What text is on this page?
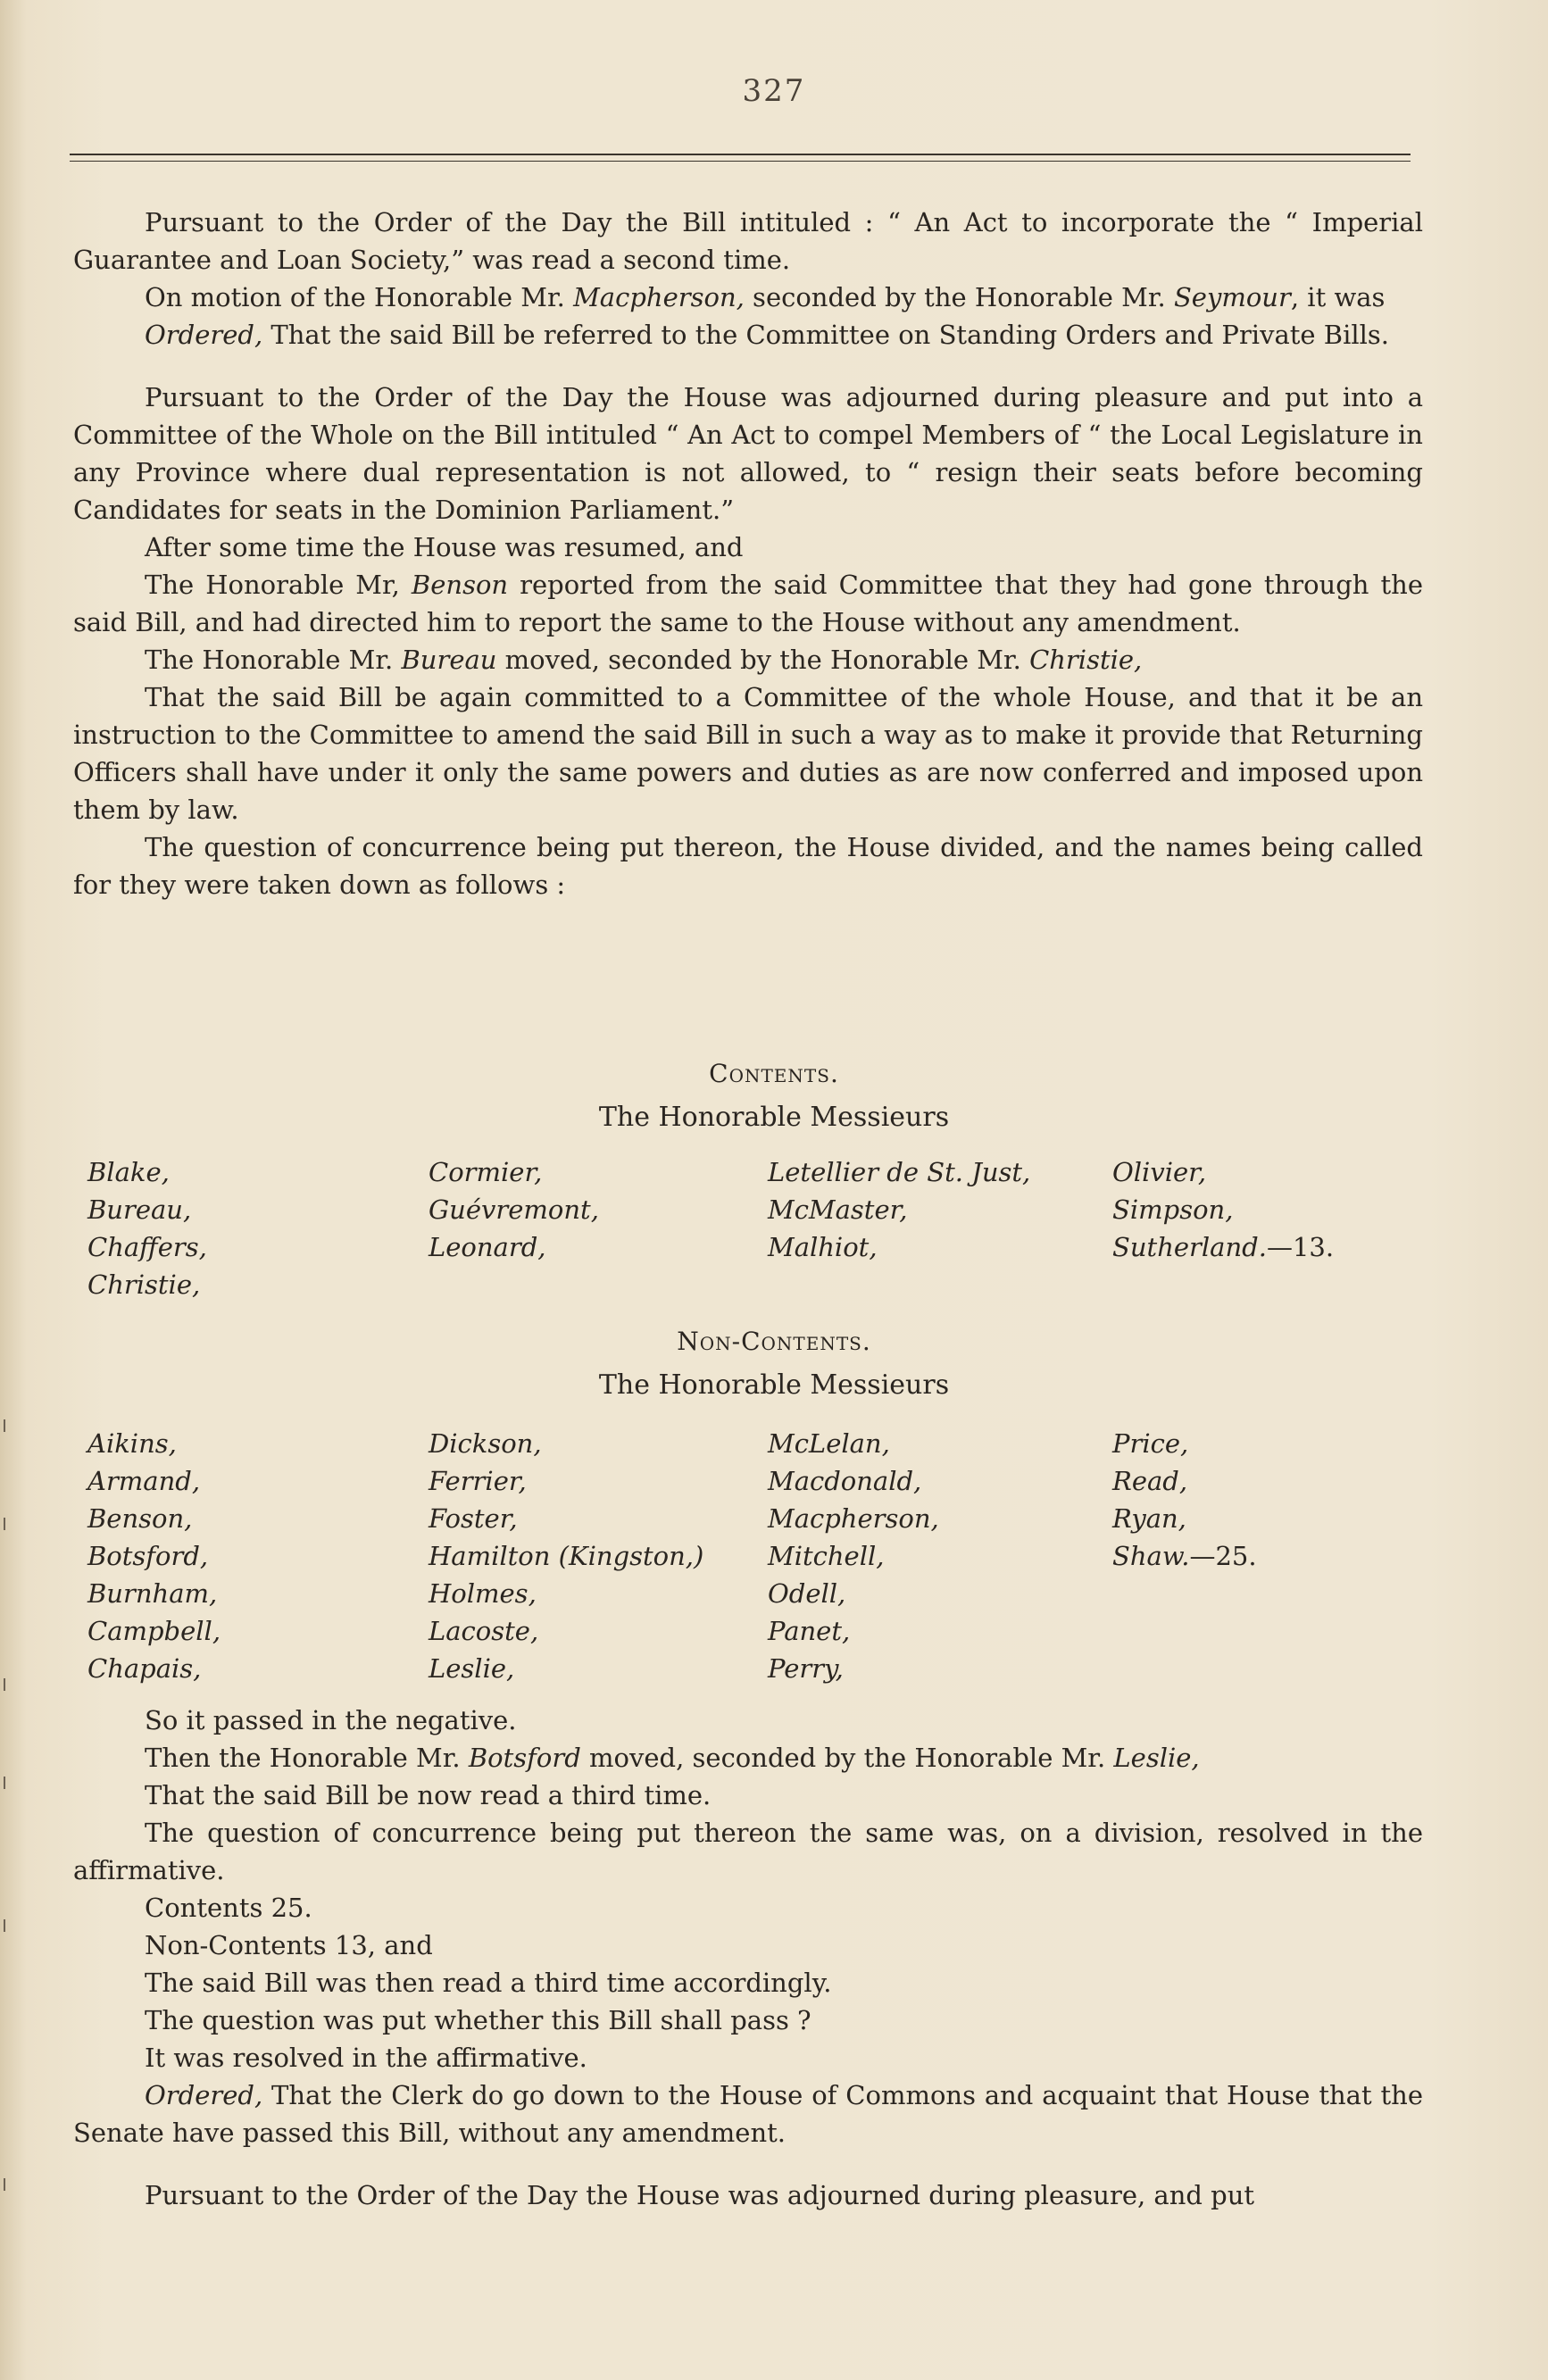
327

Pursuant to the Order of the Day the Bill intituled : “ An Act to incorporate the “ Imperial Guarantee and Loan Society,” was read a second time.

On motion of the Honorable Mr. Macpherson, seconded by the Honorable Mr. Seymour, it was

Ordered, That the said Bill be referred to the Committee on Standing Orders and Private Bills.

Pursuant to the Order of the Day the House was adjourned during pleasure and put into a Committee of the Whole on the Bill intituled “ An Act to compel Members of “ the Local Legislature in any Province where dual representation is not allowed, to “ resign their seats before becoming Candidates for seats in the Dominion Parliament.”

After some time the House was resumed, and

The Honorable Mr, Benson reported from the said Committee that they had gone through the said Bill, and had directed him to report the same to the House without any amendment.

The Honorable Mr. Bureau moved, seconded by the Honorable Mr. Christie,

That the said Bill be again committed to a Committee of the whole House, and that it be an instruction to the Committee to amend the said Bill in such a way as to make it provide that Returning Officers shall have under it only the same powers and duties as are now conferred and imposed upon them by law.

The question of concurrence being put thereon, the House divided, and the names being called for they were taken down as follows :

Contents.
The Honorable Messieurs
Blake,
Bureau,
Chaffers,
Christie,
Cormier,
Guévremont,
Leonard,
Letellier de St. Just,
McMaster,
Malhiot,
Olivier,
Simpson,
Sutherland.—13.
Non-Contents.
The Honorable Messieurs
Aikins,
Armand,
Benson,
Botsford,
Burnham,
Campbell,
Chapais,
Dickson,
Ferrier,
Foster,
Hamilton (Kingston,)
Holmes,
Lacoste,
Leslie,
McLelan,
Macdonald,
Macpherson,
Mitchell,
Odell,
Panet,
Perry,
Price,
Read,
Ryan,
Shaw.—25.

So it passed in the negative.

Then the Honorable Mr. Botsford moved, seconded by the Honorable Mr. Leslie,

That the said Bill be now read a third time.

The question of concurrence being put thereon the same was, on a division, resolved in the affirmative.

Contents 25.

Non-Contents 13, and

The said Bill was then read a third time accordingly.

The question was put whether this Bill shall pass ?

It was resolved in the affirmative.

Ordered, That the Clerk do go down to the House of Commons and acquaint that House that the Senate have passed this Bill, without any amendment.

Pursuant to the Order of the Day the House was adjourned during pleasure, and put
